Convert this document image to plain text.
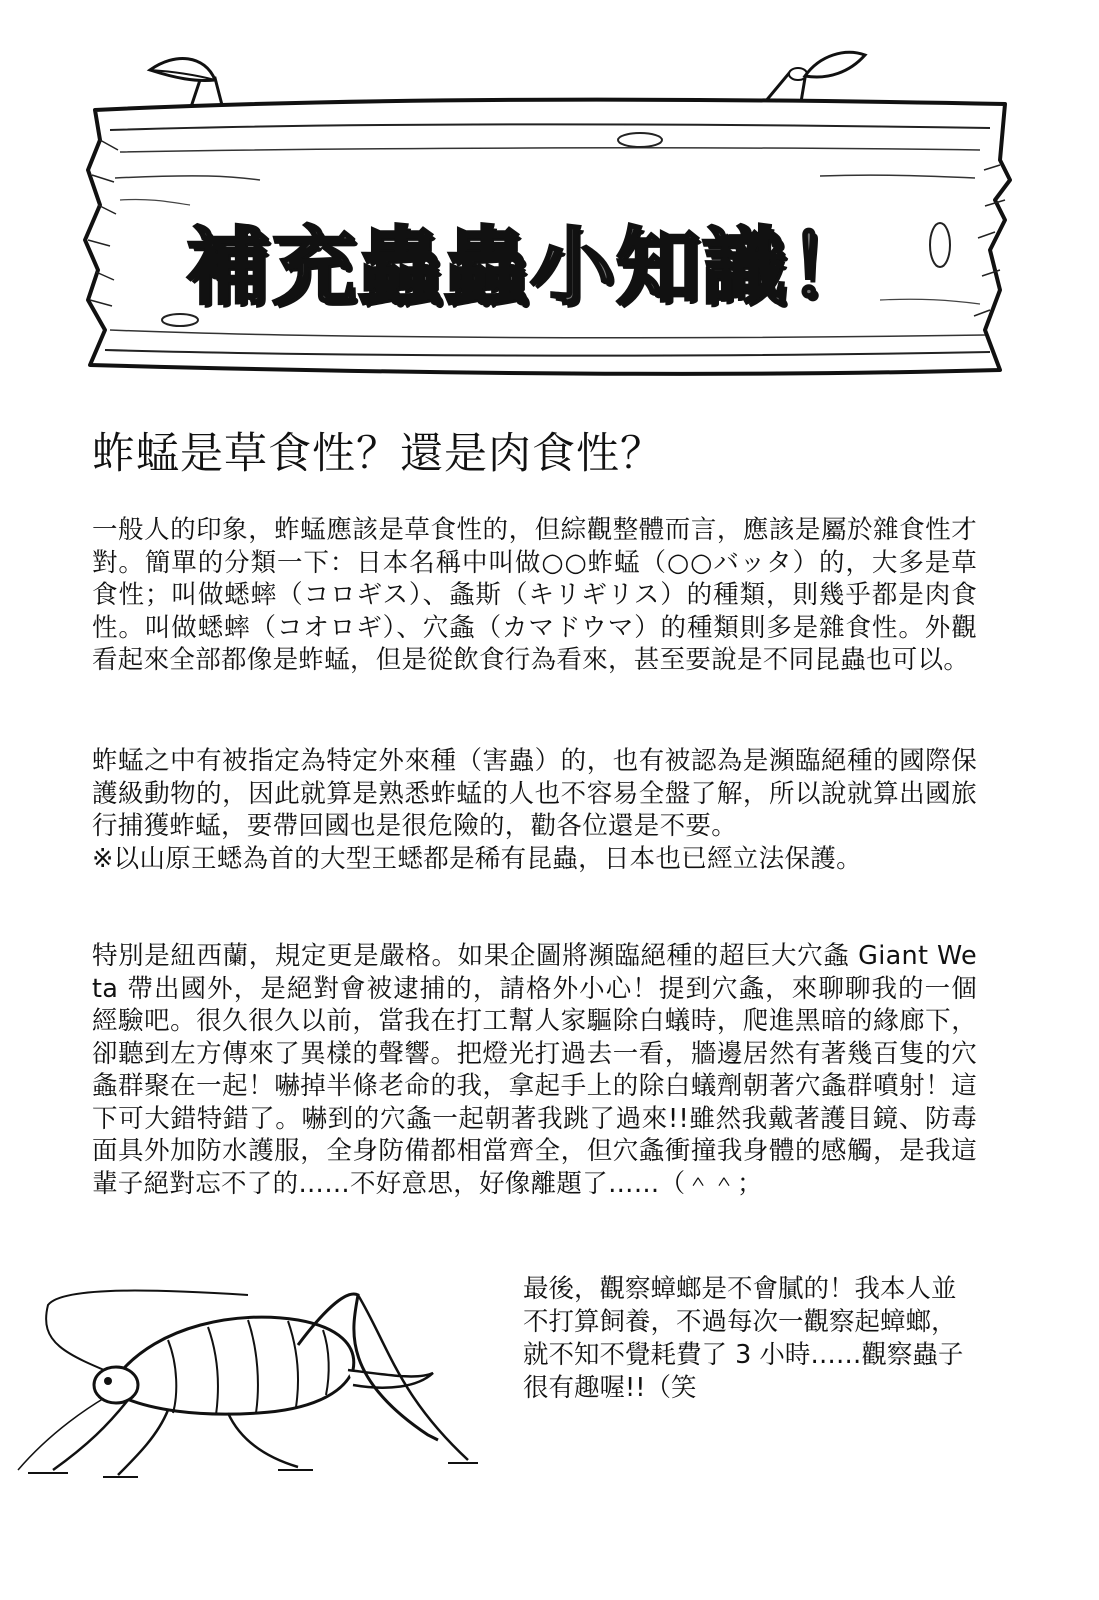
補充蟲蟲小知識！
蚱蜢是草食性？還是肉食性？

一般人的印象，蚱蜢應該是草食性的，但綜觀整體而言，應該是屬於雜食性才對。簡單的分類一下：日本名稱中叫做○○蚱蜢（○○バッタ）的，大多是草食性；叫做蟋蟀（コロギス）、螽斯（キリギリス）的種類，則幾乎都是肉食性。叫做蟋蟀（コオロギ）、穴螽（カマドウマ）的種類則多是雜食性。外觀看起來全部都像是蚱蜢，但是從飲食行為看來，甚至要說是不同昆蟲也可以。

蚱蜢之中有被指定為特定外來種（害蟲）的，也有被認為是瀕臨絕種的國際保護級動物的，因此就算是熟悉蚱蜢的人也不容易全盤了解，所以說就算出國旅行捕獲蚱蜢，要帶回國也是很危險的，勸各位還是不要。
※以山原王蟋為首的大型王蟋都是稀有昆蟲，日本也已經立法保護。

特別是紐西蘭，規定更是嚴格。如果企圖將瀕臨絕種的超巨大穴螽 Giant Weta 帶出國外，是絕對會被逮捕的，請格外小心！提到穴螽，來聊聊我的一個經驗吧。很久很久以前，當我在打工幫人家驅除白蟻時，爬進黑暗的緣廊下，卻聽到左方傳來了異樣的聲響。把燈光打過去一看，牆邊居然有著幾百隻的穴螽群聚在一起！嚇掉半條老命的我，拿起手上的除白蟻劑朝著穴螽群噴射！這下可大錯特錯了。嚇到的穴螽一起朝著我跳了過來!!雖然我戴著護目鏡、防毒面具外加防水護服，全身防備都相當齊全，但穴螽衝撞我身體的感觸，是我這輩子絕對忘不了的……不好意思，好像離題了……（＾＾；

最後，觀察蟑螂是不會膩的！我本人並不打算飼養，不過每次一觀察起蟑螂，就不知不覺耗費了 3 小時……觀察蟲子很有趣喔!!（笑
